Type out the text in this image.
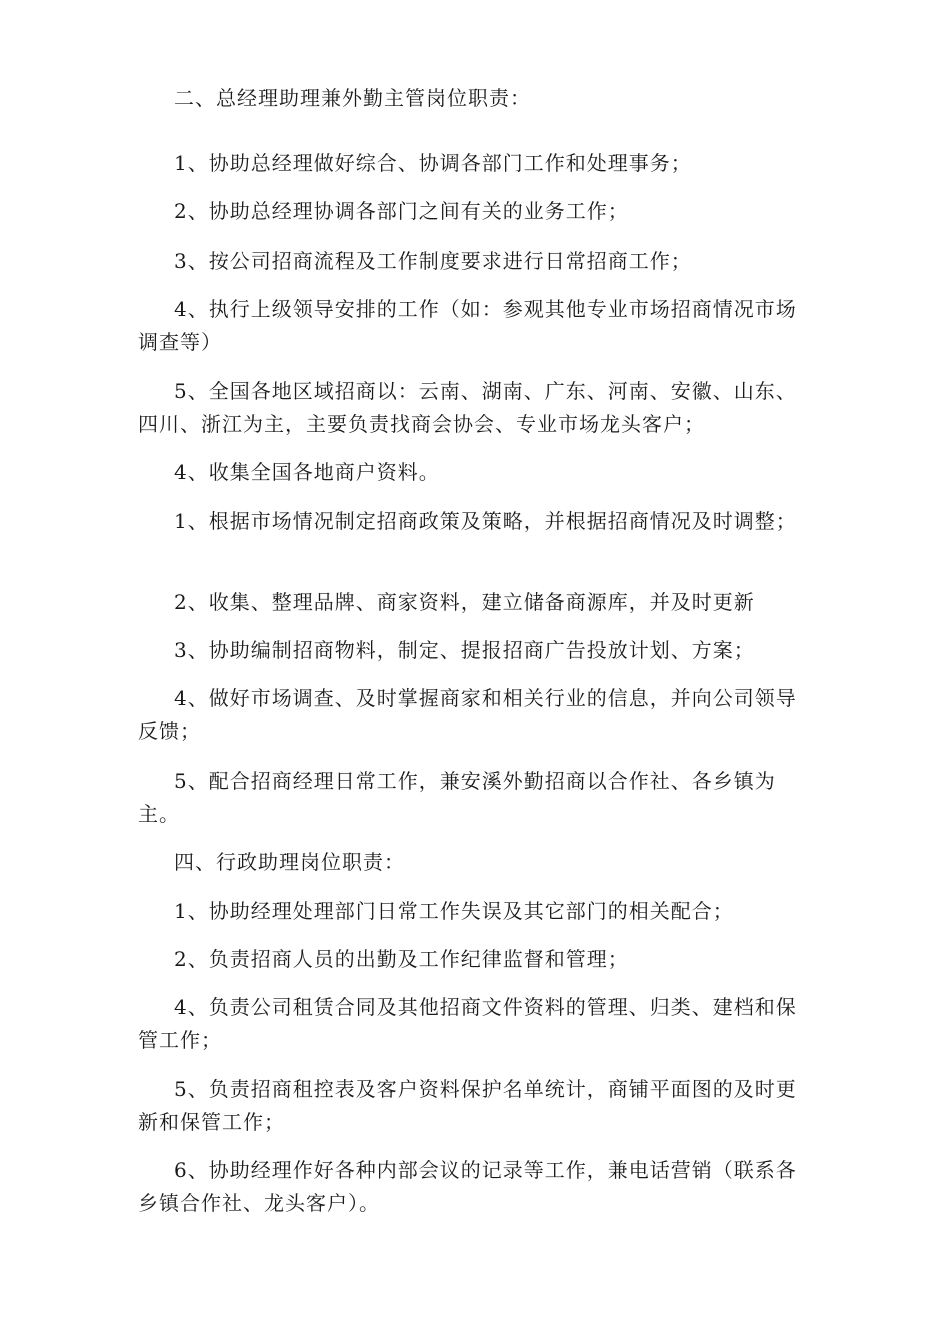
二、总经理助理兼外勤主管岗位职责：

1、协助总经理做好综合、协调各部门工作和处理事务；

2、协助总经理协调各部门之间有关的业务工作；

3、按公司招商流程及工作制度要求进行日常招商工作；

4、执行上级领导安排的工作（如：参观其他专业市场招商情况市场调查等）

5、全国各地区域招商以：云南、湖南、广东、河南、安徽、山东、四川、浙江为主，主要负责找商会协会、专业市场龙头客户；

4、收集全国各地商户资料。

1、根据市场情况制定招商政策及策略，并根据招商情况及时调整；

2、收集、整理品牌、商家资料，建立储备商源库，并及时更新

3、协助编制招商物料，制定、提报招商广告投放计划、方案；

4、做好市场调查、及时掌握商家和相关行业的信息，并向公司领导反馈；

5、配合招商经理日常工作，兼安溪外勤招商以合作社、各乡镇为主。

四、行政助理岗位职责：

1、协助经理处理部门日常工作失误及其它部门的相关配合；

2、负责招商人员的出勤及工作纪律监督和管理；

4、负责公司租赁合同及其他招商文件资料的管理、归类、建档和保管工作；

5、负责招商租控表及客户资料保护名单统计，商铺平面图的及时更新和保管工作；

6、协助经理作好各种内部会议的记录等工作，兼电话营销（联系各乡镇合作社、龙头客户）。
